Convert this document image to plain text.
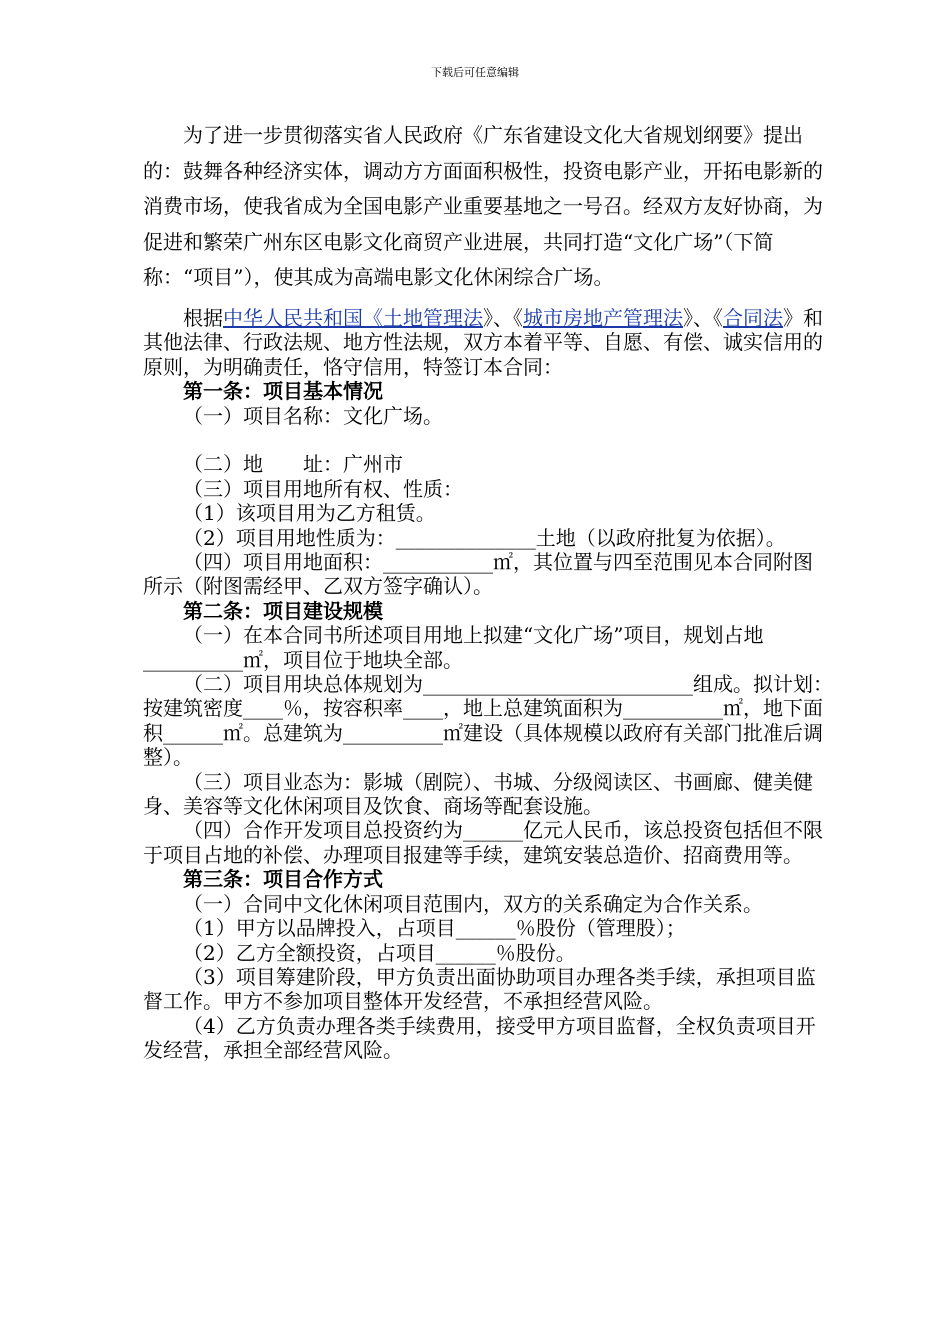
下载后可任意编辑

为了进一步贯彻落实省人民政府《广东省建设文化大省规划纲要》提出的：鼓舞各种经济实体，调动方方面面积极性，投资电影产业，开拓电影新的消费市场，使我省成为全国电影产业重要基地之一号召。经双方友好协商，为促进和繁荣广州东区电影文化商贸产业进展，共同打造“文化广场”（下简称：“项目”），使其成为高端电影文化休闲综合广场。

根据中华人民共和国《土地管理法》、《城市房地产管理法》、《合同法》和其他法律、行政法规、地方性法规，双方本着平等、自愿、有偿、诚实信用的原则，为明确责任，恪守信用，特签订本合同：

第一条：项目基本情况

（一）项目名称：文化广场。

（二）地　　址：广州市

（三）项目用地所有权、性质：

（1）该项目用为乙方租赁。

（2）项目用地性质为：______________土地（以政府批复为依据）。

（四）项目用地面积：___________㎡，其位置与四至范围见本合同附图所示（附图需经甲、乙双方签字确认）。

第二条：项目建设规模

（一）在本合同书所述项目用地上拟建“文化广场”项目，规划占地__________㎡，项目位于地块全部。

（二）项目用块总体规划为___________________________组成。拟计划：按建筑密度____％，按容积率____，地上总建筑面积为__________㎡，地下面积______㎡。总建筑为__________㎡建设（具体规模以政府有关部门批准后调整）。

（三）项目业态为：影城（剧院）、书城、分级阅读区、书画廊、健美健身、美容等文化休闲项目及饮食、商场等配套设施。

（四）合作开发项目总投资约为______亿元人民币，该总投资包括但不限于项目占地的补偿、办理项目报建等手续，建筑安装总造价、招商费用等。

第三条：项目合作方式

（一）合同中文化休闲项目范围内，双方的关系确定为合作关系。

（1）甲方以品牌投入，占项目______％股份（管理股）；

（2）乙方全额投资，占项目______％股份。

（3）项目筹建阶段，甲方负责出面协助项目办理各类手续，承担项目监督工作。甲方不参加项目整体开发经营，不承担经营风险。

（4）乙方负责办理各类手续费用，接受甲方项目监督，全权负责项目开发经营，承担全部经营风险。
